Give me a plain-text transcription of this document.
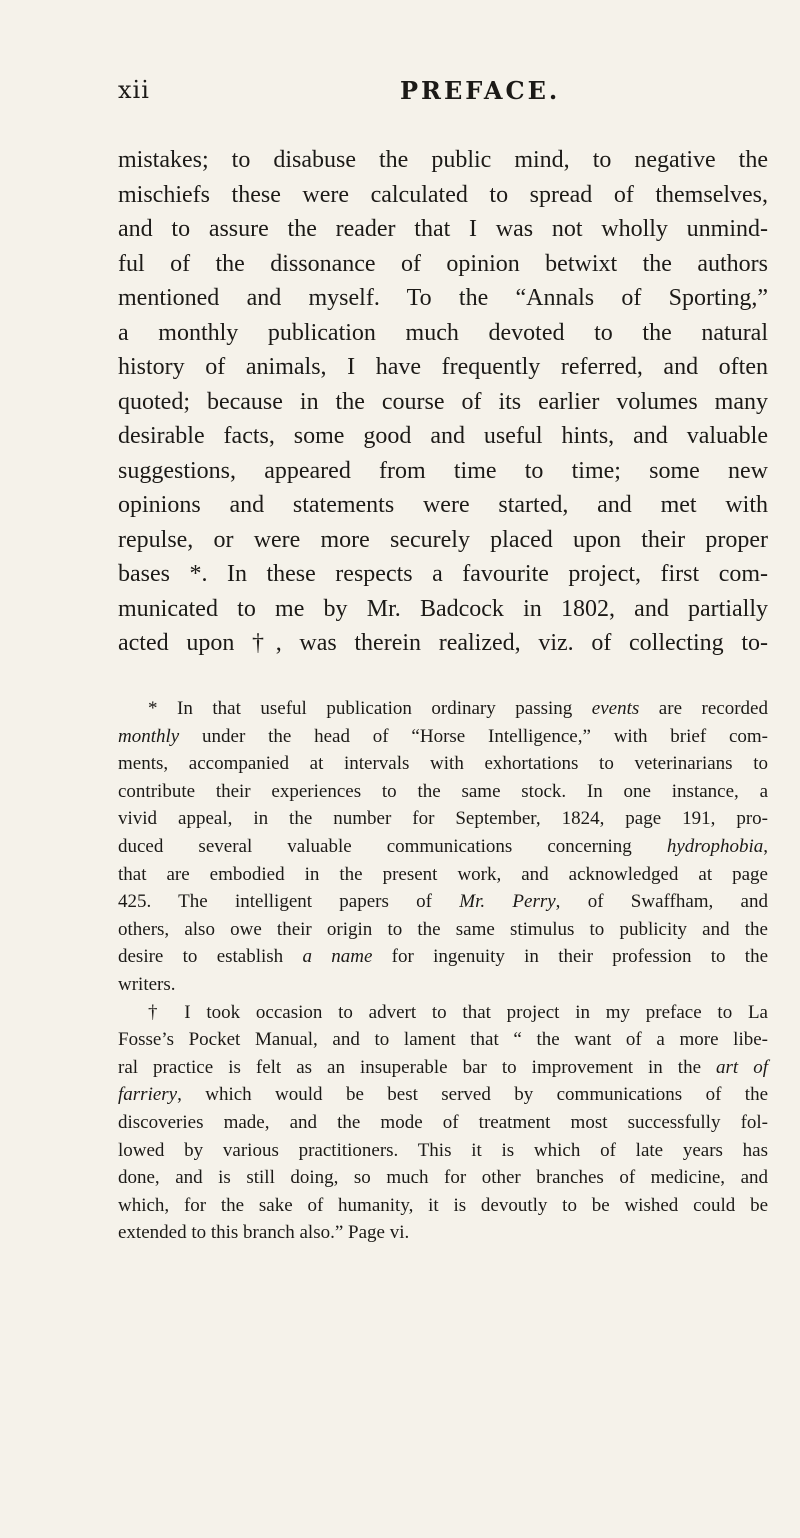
xii	PREFACE.
mistakes; to disabuse the public mind, to negative the
mischiefs these were calculated to spread of themselves,
and to assure the reader that I was not wholly unmind-
ful of the dissonance of opinion betwixt the authors
mentioned and myself. To the “Annals of Sporting,”
a monthly publication much devoted to the natural
history of animals, I have frequently referred, and often
quoted; because in the course of its earlier volumes many
desirable facts, some good and useful hints, and valuable
suggestions, appeared from time to time; some new
opinions and statements were started, and met with
repulse, or were more securely placed upon their proper
bases *. In these respects a favourite project, first com-
municated to me by Mr. Badcock in 1802, and partially
acted upon †, was therein realized, viz. of collecting to-
* In that useful publication ordinary passing events are recorded
monthly under the head of “Horse Intelligence,” with brief com-
ments, accompanied at intervals with exhortations to veterinarians to
contribute their experiences to the same stock. In one instance, a
vivid appeal, in the number for September, 1824, page 191, pro-
duced several valuable communications concerning hydrophobia,
that are embodied in the present work, and acknowledged at page
425. The intelligent papers of Mr. Perry, of Swaffham, and
others, also owe their origin to the same stimulus to publicity and the
desire to establish a name for ingenuity in their profession to the
writers.
† I took occasion to advert to that project in my preface to La
Fosse’s Pocket Manual, and to lament that “ the want of a more libe-
ral practice is felt as an insuperable bar to improvement in the art of
farriery, which would be best served by communications of the
discoveries made, and the mode of treatment most successfully fol-
lowed by various practitioners. This it is which of late years has
done, and is still doing, so much for other branches of medicine, and
which, for the sake of humanity, it is devoutly to be wished could be
extended to this branch also.” Page vi.
